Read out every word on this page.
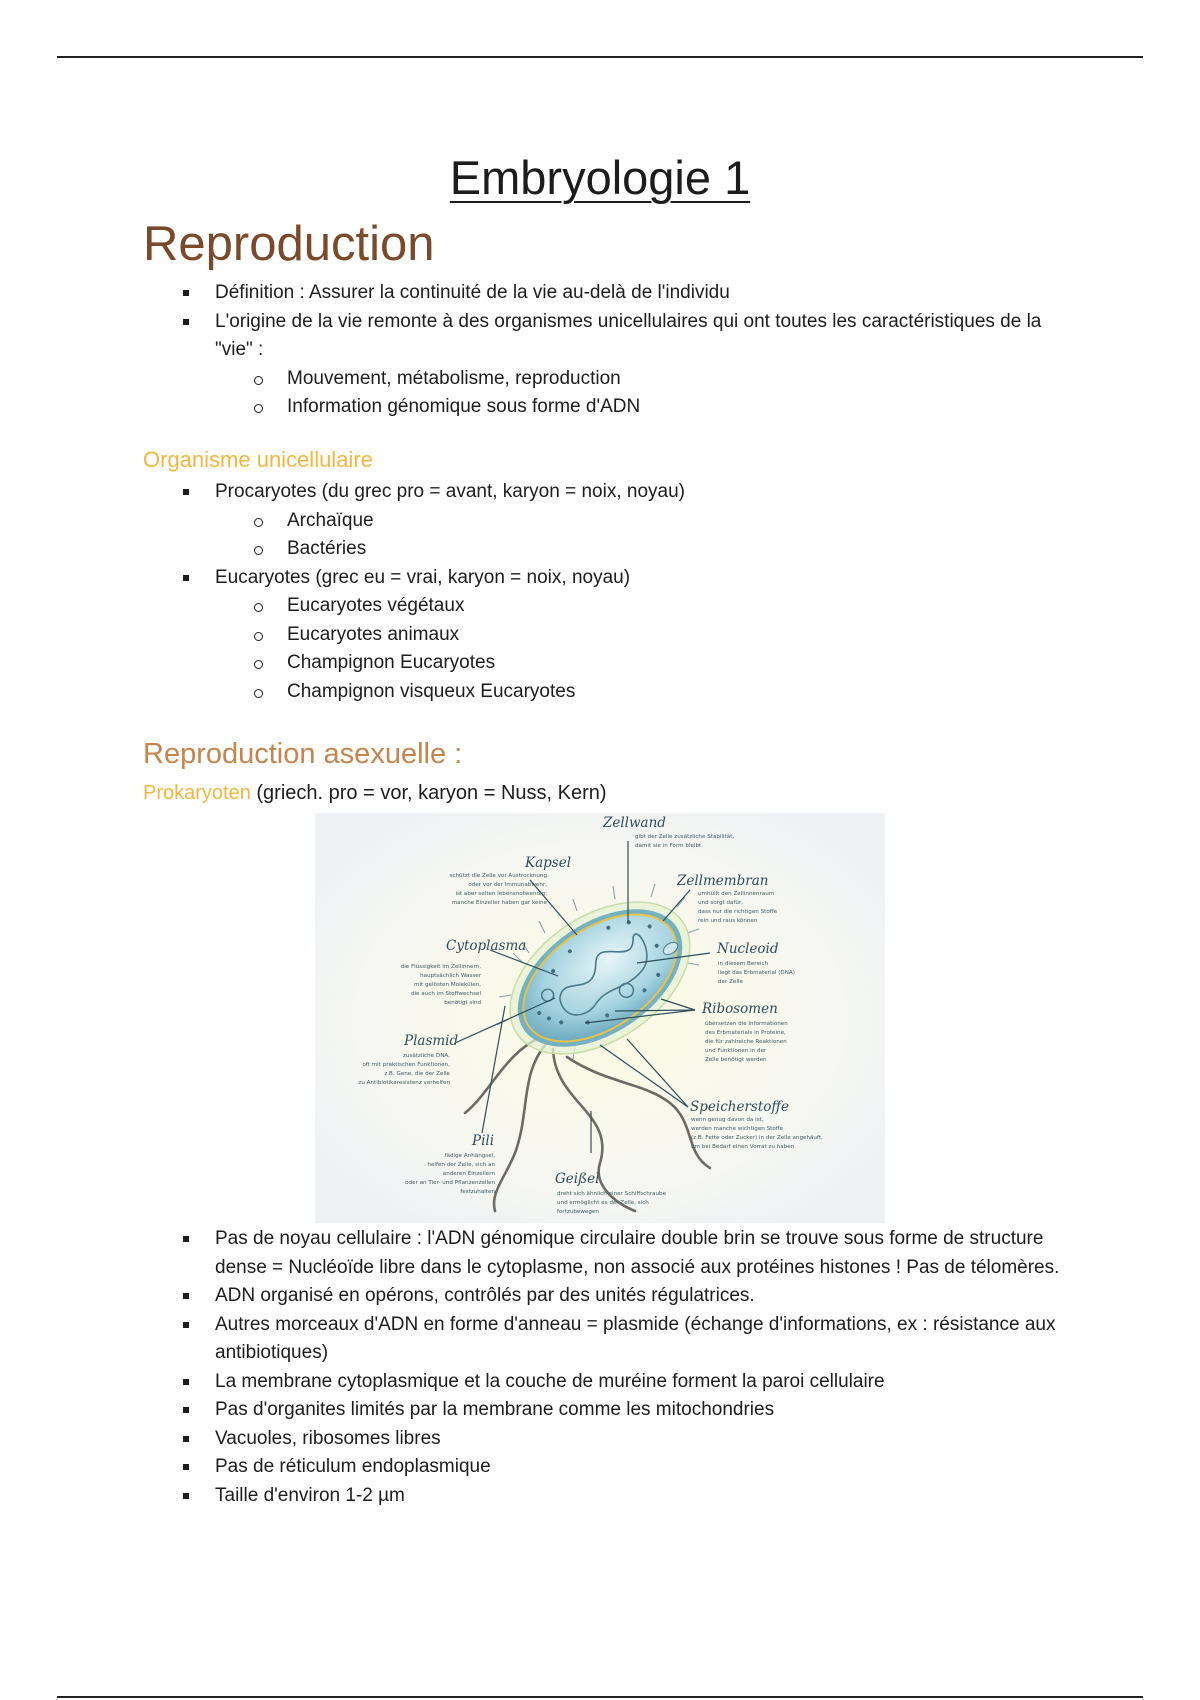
Embryologie 1
Reproduction
Définition : Assurer la continuité de la vie au-delà de l'individu
L'origine de la vie remonte à des organismes unicellulaires qui ont toutes les caractéristiques de la "vie" :
Mouvement, métabolisme, reproduction
Information génomique sous forme d'ADN
Organisme unicellulaire
Procaryotes (du grec pro = avant, karyon = noix, noyau)
Archaïque
Bactéries
Eucaryotes (grec eu = vrai, karyon = noix, noyau)
Eucaryotes végétaux
Eucaryotes animaux
Champignon Eucaryotes
Champignon visqueux Eucaryotes
Reproduction asexuelle :
Prokaryoten (griech. pro = vor, karyon = Nuss, Kern)
Zellwand
Kapsel
Zellmembran
Cytoplasma	Nucleoid
Ribosomen
Plasmid
Speicherstoffe
Pili
Geißel
gibt der Zelle zusätzliche Stabilität,
damit sie in Form bleibt
schützt die Zelle vor Austrocknung
oder vor der Immunabwehr,
ist aber selten lebensnotwendig;
manche Einzeller haben gar keine
umhüllt den Zellinnenraum
und sorgt dafür,
dass nur die richtigen Stoffe
rein und raus können
die Flüssigkeit im Zellinnern,
hauptsächlich Wasser
mit gelösten Molekülen,
die auch im Stoffwechsel
benötigt sind
in diesem Bereich
liegt das Erbmaterial (DNA)
der Zelle
übersetzen die Informationen
des Erbmaterials in Proteine,
die für zahlreiche Reaktionen
und Funktionen in der
Zelle benötigt werden
zusätzliche DNA,
oft mit praktischen Funktionen,
z.B. Gene, die der Zelle
zu Antibiotikaresistenz verhelfen
wenn genug davon da ist,
werden manche wichtigen Stoffe
(z.B. Fette oder Zucker) in der Zelle angehäuft,
um bei Bedarf einen Vorrat zu haben
fädige Anhängsel,
helfen der Zelle, sich an
anderen Einzellern
oder an Tier- und Pflanzenzellen
festzuhalten	dreht sich ähnlich einer Schiffschraube
und ermöglicht es der Zelle, sich
fortzubewegen
Pas de noyau cellulaire : l'ADN génomique circulaire double brin se trouve sous forme de structure dense = Nucléoïde libre dans le cytoplasme, non associé aux protéines histones ! Pas de télomères.
ADN organisé en opérons, contrôlés par des unités régulatrices.
Autres morceaux d'ADN en forme d'anneau = plasmide (échange d'informations, ex : résistance aux antibiotiques)
La membrane cytoplasmique et la couche de muréine forment la paroi cellulaire
Pas d'organites limités par la membrane comme les mitochondries
Vacuoles, ribosomes libres
Pas de réticulum endoplasmique
Taille d'environ 1-2 µm
